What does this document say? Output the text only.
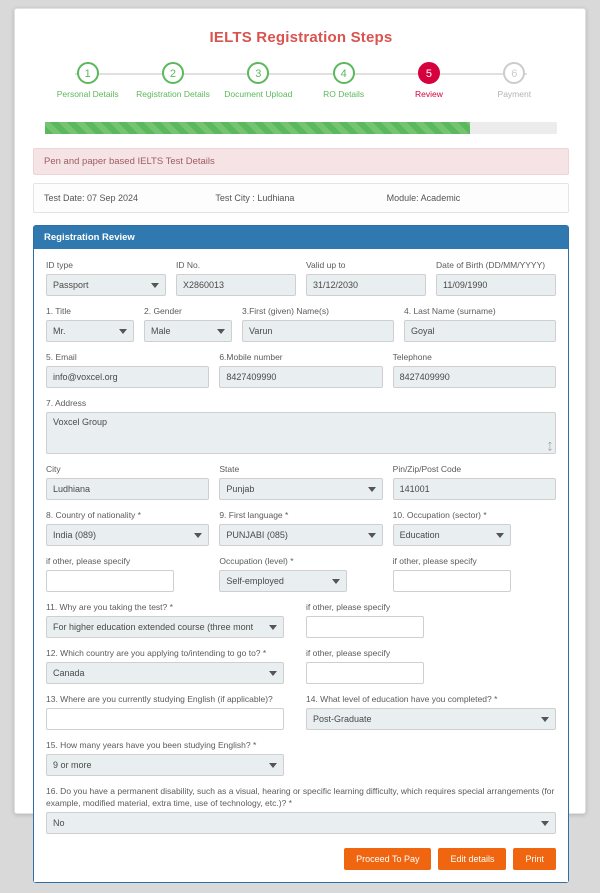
IELTS Registration Steps
1
Personal Details
2
Registration Details
3
Document Upload
4
RO Details
5
Review
6
Payment
Pen and paper based IELTS Test Details
Test Date: 07 Sep 2024	Test City : Ludhiana	Module: Academic
Registration Review
ID type
Passport
ID No.
X2860013
Valid up to
31/12/2030
Date of Birth (DD/MM/YYYY)
11/09/1990
1. Title
Mr.
2. Gender
Male
3.First (given) Name(s)
Varun
4. Last Name (surname)
Goyal
5. Email
info@voxcel.org
6.Mobile number
8427409990
Telephone
8427409990
7. Address
Voxcel Group
⤡
City
Ludhiana
State
Punjab
Pin/Zip/Post Code
141001
8. Country of nationality *
India (089)
9. First language *
PUNJABI (085)
10. Occupation (sector) *
Education
if other, please specify	Occupation (level) *
Self-employed
if other, please specify
11. Why are you taking the test? *
For higher education extended course (three mont
if other, please specify
12. Which country are you applying to/intending to go to? *
Canada
if other, please specify
13. Where are you currently studying English (if applicable)?	14. What level of education have you completed? *
Post-Graduate
15. How many years have you been studying English? *
9 or more
16. Do you have a permanent disability, such as a visual, hearing or specific learning difficulty, which requires special arrangements (for example, modified material, extra time, use of technology, etc.)? *
No
Proceed To Pay	Edit details	Print
